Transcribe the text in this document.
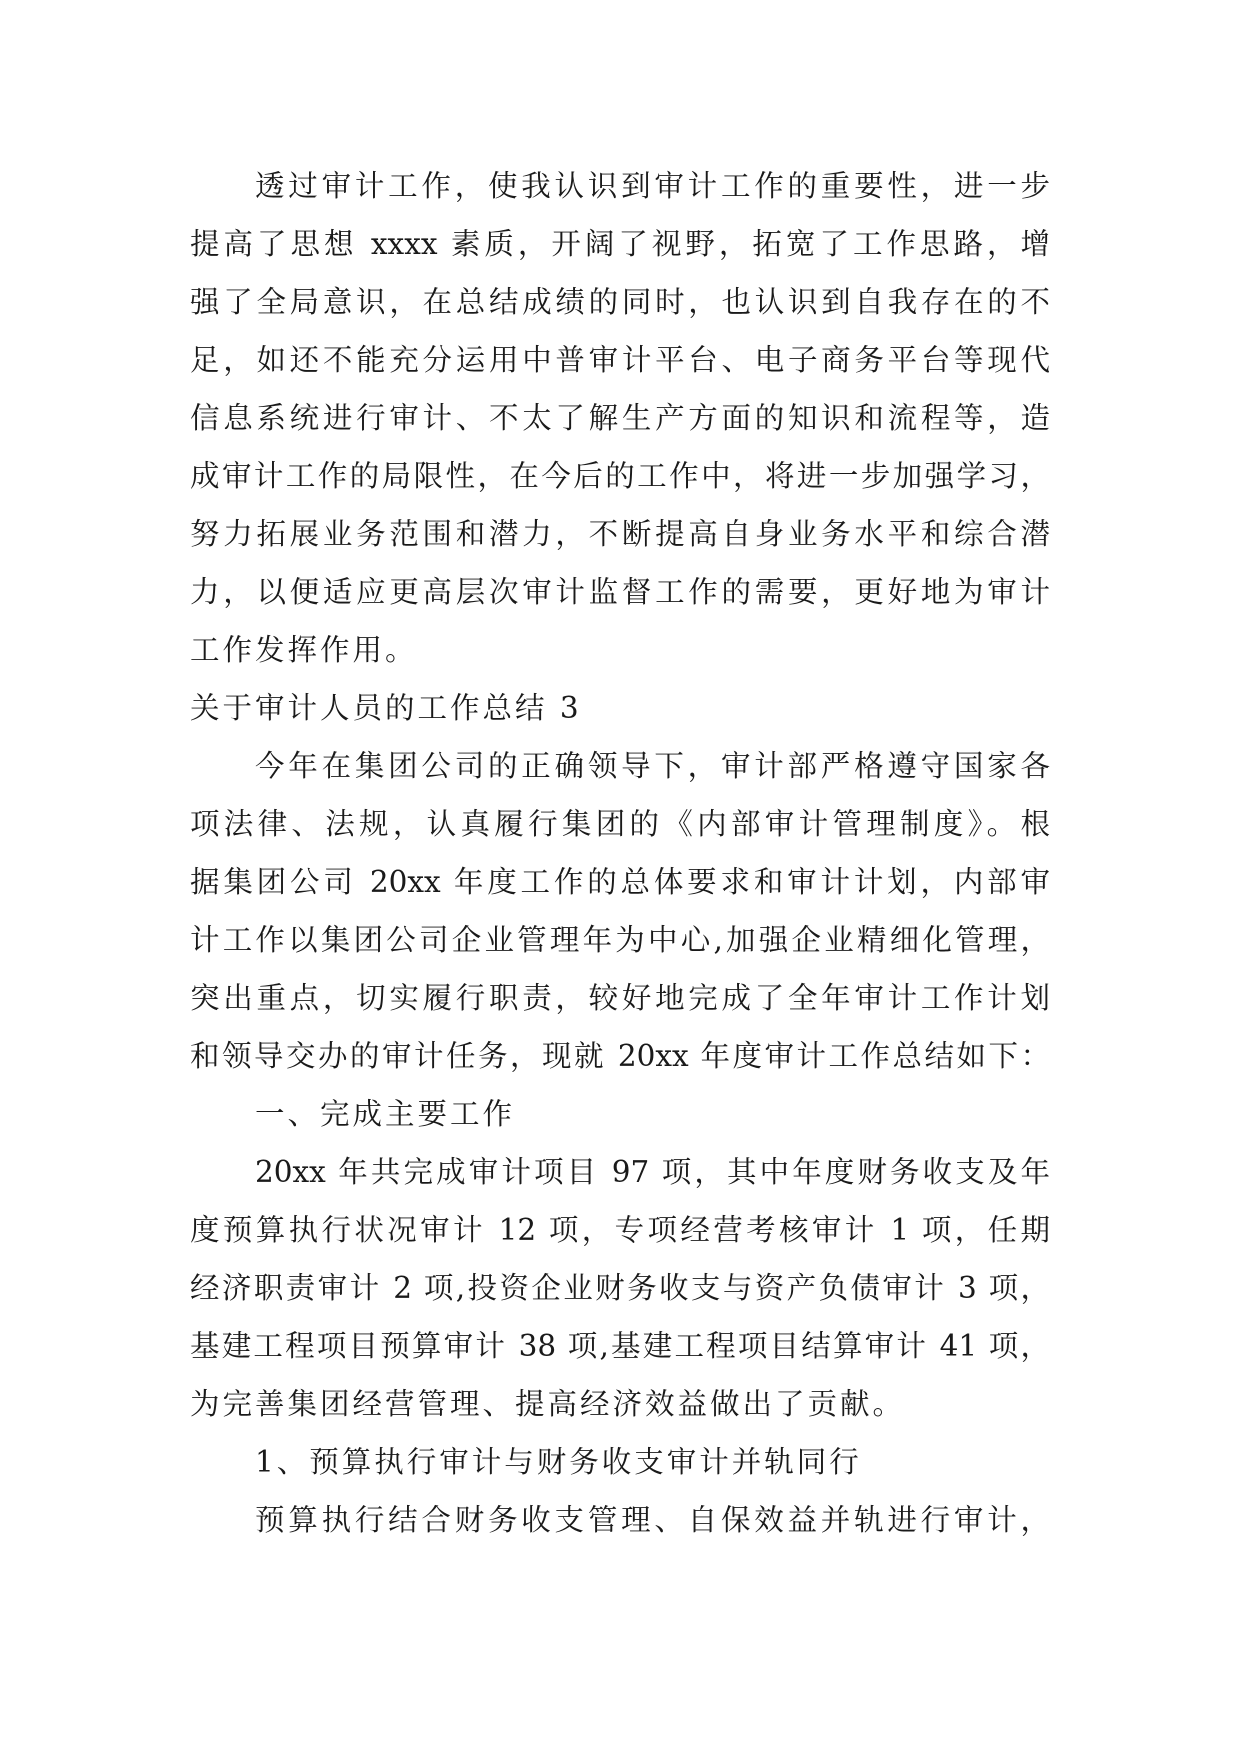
透过审计工作，使我认识到审计工作的重要性，进一步
提高了思想 xxxx 素质，开阔了视野，拓宽了工作思路，增
强了全局意识，在总结成绩的同时，也认识到自我存在的不
足，如还不能充分运用中普审计平台、电子商务平台等现代
信息系统进行审计、不太了解生产方面的知识和流程等，造
成审计工作的局限性，在今后的工作中，将进一步加强学习，
努力拓展业务范围和潜力，不断提高自身业务水平和综合潜
力，以便适应更高层次审计监督工作的需要，更好地为审计
工作发挥作用。
关于审计人员的工作总结 3
今年在集团公司的正确领导下，审计部严格遵守国家各
项法律、法规，认真履行集团的《内部审计管理制度》。根
据集团公司 20xx 年度工作的总体要求和审计计划，内部审
计工作以集团公司企业管理年为中心,加强企业精细化管理，
突出重点，切实履行职责，较好地完成了全年审计工作计划
和领导交办的审计任务，现就 20xx 年度审计工作总结如下：
一、完成主要工作
20xx 年共完成审计项目 97 项，其中年度财务收支及年
度预算执行状况审计 12 项，专项经营考核审计 1 项，任期
经济职责审计 2 项,投资企业财务收支与资产负债审计 3 项，
基建工程项目预算审计 38 项,基建工程项目结算审计 41 项，
为完善集团经营管理、提高经济效益做出了贡献。
1、预算执行审计与财务收支审计并轨同行
预算执行结合财务收支管理、自保效益并轨进行审计，
